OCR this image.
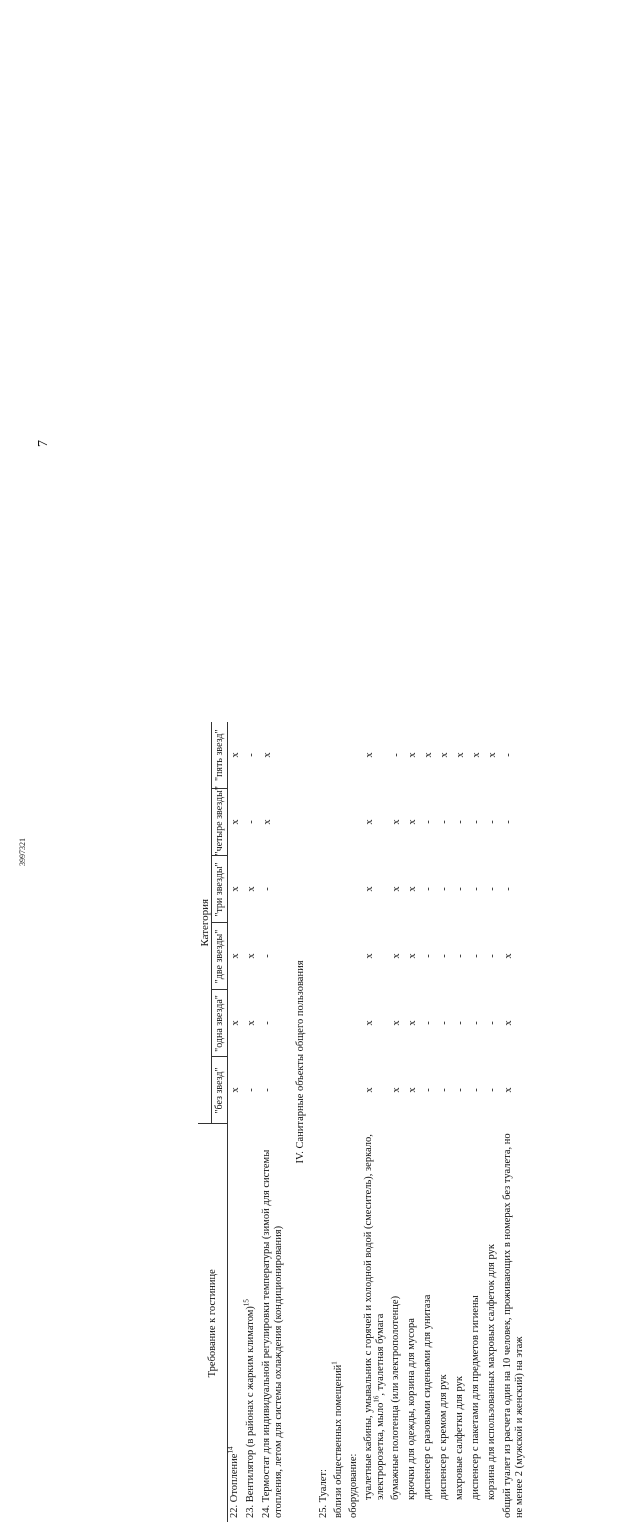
7
3997321
Требование к гостинице	Категория					
	"без звезд"	"одна звезда"	"две звезды"	"три звезды"	"четыре звезды"	"пять звезд"
22. Отопление$^{14}$	x	x	x	x	x	x
23. Вентилятор (в районах с жарким климатом)$^{15}$	-	x	x	x	-	-
24. Термостат для индивидуальной регулировки температуры (зимой для системы отопления, летом для системы охлаждения (кондиционирования)	-	-	-	-	x	x
IV. Санитарные объекты общего пользования						
25. Туалет:						
вблизи общественных помещений$^1$						
оборудование:						
туалетные кабины, умывальник с горячей и холодной водой (смеситель), зеркало, электророзетка, мыло$^{16}$, туалетная бумага	x	x	x	x	x	x
бумажные полотенца (или электрополотенце)	x	x	x	x	x	-
крючки для одежды, корзина для мусора	x	x	x	x	x	x
диспенсер с разовыми сиденьями для унитаза	-	-	-	-	-	x
диспенсер с кремом для рук	-	-	-	-	-	x
махровые салфетки для рук	-	-	-	-	-	x
диспенсер с пакетами для предметов гигиены	-	-	-	-	-	x
корзина для использованных махровых салфеток для рук	-	-	-	-	-	x
общий туалет из расчета один на 10 человек, проживающих в номерах без туалета, но не менее 2 (мужской и женский) на этаж	x	x	x	-	-	-
